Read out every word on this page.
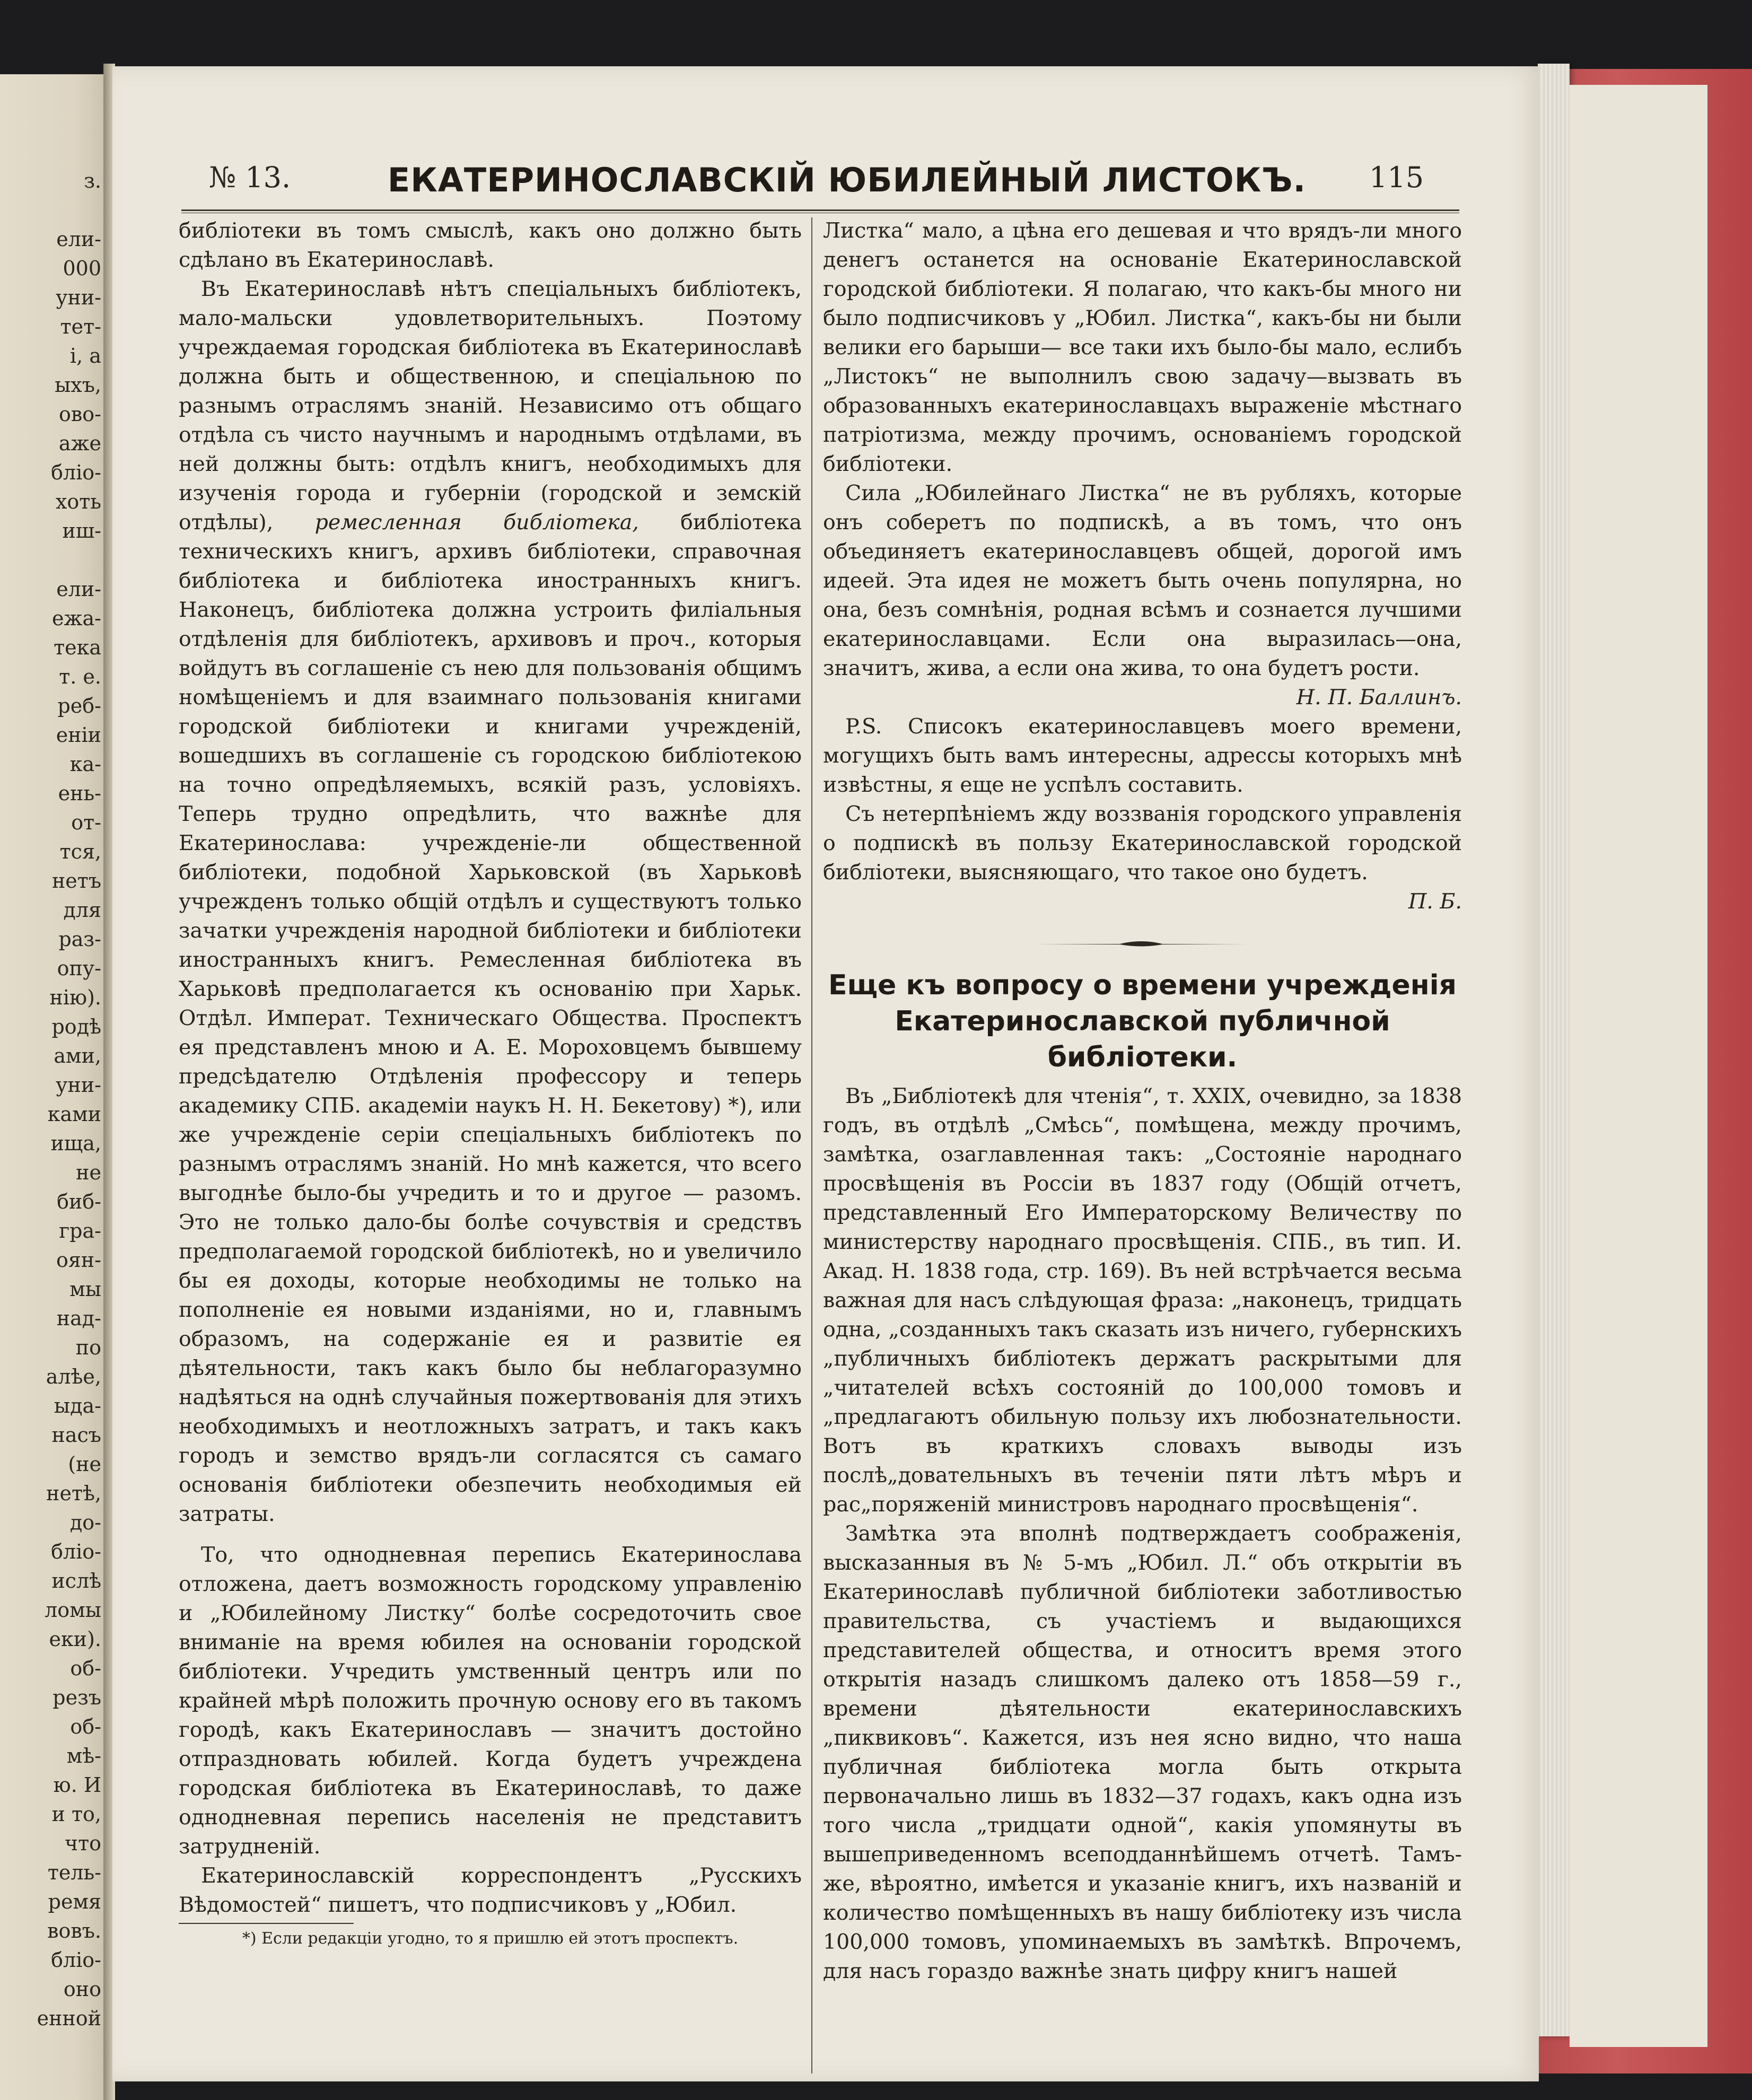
з.
ели-
000
уни-
тет-
і, а
ыхъ,
ово-
аже
бліо-
хоть
иш-
ели-
ежа-
тека
т. е.
реб-
еніи
ка-
ень-
от-
тся,
нетъ
для
раз-
опу-
нію).
родѣ
ами,
уни-
ками
ища,
не
биб-
гра-
оян-
мы
над-
по
алѣе,
ыда-
насъ
(не
нетѣ,
до-
бліо-
ислѣ
ломы
еки).
об-
резъ
об-
мѣ-
ю. И
и то,
что
тель-
ремя
вовъ.
бліо-
оно
енной
№ 13.	ЕКАТЕРИНОСЛАВСКІЙ ЮБИЛЕЙНЫЙ ЛИСТОКЪ.	115

библіотеки въ томъ смыслѣ, какъ оно должно быть сдѣлано въ Екатеринославѣ.

Въ Екатеринославѣ нѣтъ спеціальныхъ библіотекъ, мало-мальски удовлетворительныхъ. Поэтому учреждаемая городская библіотека въ Екатеринославѣ должна быть и общественною, и спеціальною по разнымъ отраслямъ знаній. Независимо отъ общаго отдѣла съ чисто научнымъ и народнымъ отдѣлами, въ ней должны быть: отдѣлъ книгъ, необходимыхъ для изученія города и губерніи (городской и земскій отдѣлы), ремесленная библіотека, библіотека техническихъ книгъ, архивъ библіотеки, справочная библіотека и библіотека иностранныхъ книгъ. Наконецъ, библіотека должна устроить филіальныя отдѣленія для библіотекъ, архивовъ и проч., которыя войдутъ въ соглашеніе съ нею для пользованія общимъ номѣщеніемъ и для взаимнаго пользованія книгами городской библіотеки и книгами учрежденій, вошедшихъ въ соглашеніе съ городскою библіотекою на точно опредѣляемыхъ, всякій разъ, условіяхъ. Теперь трудно опредѣлить, что важнѣе для Екатеринослава: учрежденіе-ли общественной библіотеки, подобной Харьковской (въ Харьковѣ учрежденъ только общій отдѣлъ и существуютъ только зачатки учрежденія народной библіотеки и библіотеки иностранныхъ книгъ. Ремесленная библіотека въ Харьковѣ предполагается къ основанію при Харьк. Отдѣл. Императ. Техническаго Общества. Проспектъ ея представленъ мною и А. Е. Мороховцемъ бывшему предсѣдателю Отдѣленія профессору и теперь академику СПБ. академіи наукъ Н. Н. Бекетову) *), или же учрежденіе серіи спеціальныхъ библіотекъ по разнымъ отраслямъ знаній. Но мнѣ кажется, что всего выгоднѣе было-бы учредить и то и другое — разомъ. Это не только дало-бы болѣе сочувствія и средствъ предполагаемой городской библіотекѣ, но и увеличило бы ея доходы, которые необходимы не только на пополненіе ея новыми изданіями, но и, главнымъ образомъ, на содержаніе ея и развитіе ея дѣятельности, такъ какъ было бы неблагоразумно надѣяться на однѣ случайныя пожертвованія для этихъ необходимыхъ и неотложныхъ затратъ, и такъ какъ городъ и земство врядъ-ли согласятся съ самаго основанія библіотеки обезпечить необходимыя ей затраты.

То, что однодневная перепись Екатеринослава отложена, даетъ возможность городскому управленію и „Юбилейному Листку“ болѣе сосредоточить свое вниманіе на время юбилея на основаніи городской библіотеки. Учредить умственный центръ или по крайней мѣрѣ положить прочную основу его въ такомъ городѣ, какъ Екатеринославъ — значитъ достойно отпраздновать юбилей. Когда будетъ учреждена городская библіотека въ Екатеринославѣ, то даже однодневная перепись населенія не представитъ затрудненій.

Екатеринославскій корреспондентъ „Русскихъ Вѣдомостей“ пишетъ, что подписчиковъ у „Юбил.

*) Если редакціи угодно, то я пришлю ей этотъ проспектъ.

Листка“ мало, а цѣна его дешевая и что врядъ-ли много денегъ останется на основаніе Екатеринославской городской библіотеки. Я полагаю, что какъ-бы много ни было подписчиковъ у „Юбил. Листка“, какъ-бы ни были велики его барыши— все таки ихъ было-бы мало, еслибъ „Листокъ“ не выполнилъ свою задачу—вызвать въ образованныхъ екатеринославцахъ выраженіе мѣстнаго патріотизма, между прочимъ, основаніемъ городской библіотеки.

Сила „Юбилейнаго Листка“ не въ рубляхъ, которые онъ соберетъ по подпискѣ, а въ томъ, что онъ объединяетъ екатеринославцевъ общей, дорогой имъ идеей. Эта идея не можетъ быть очень популярна, но она, безъ сомнѣнія, родная всѣмъ и сознается лучшими екатеринославцами. Если она выразилась—она, значитъ, жива, а если она жива, то она будетъ рости.

Н. П. Баллинъ.

P.S. Списокъ екатеринославцевъ моего времени, могущихъ быть вамъ интересны, адрессы которыхъ мнѣ извѣстны, я еще не успѣлъ составить.

Съ нетерпѣніемъ жду воззванія городского управленія о подпискѣ въ пользу Екатеринославской городской библіотеки, выясняющаго, что такое оно будетъ.

П. Б.

Еще къ вопросу о времени учрежденія Екатеринославской публичной библіотеки.

Въ „Библіотекѣ для чтенія“, т. XXIX, очевидно, за 1838 годъ, въ отдѣлѣ „Смѣсь“, помѣщена, между прочимъ, замѣтка, озаглавленная такъ: „Состояніе народнаго просвѣщенія въ Россіи въ 1837 году (Общій отчетъ, представленный Его Императорскому Величеству по министерству народнаго просвѣщенія. СПБ., въ тип. И. Акад. Н. 1838 года, стр. 169). Въ ней встрѣчается весьма важная для насъ слѣдующая фраза: „наконецъ, тридцать одна, „созданныхъ такъ сказать изъ ничего, губернскихъ „публичныхъ библіотекъ держатъ раскрытыми для „читателей всѣхъ состояній до 100,000 томовъ и „предлагаютъ обильную пользу ихъ любознательности. Вотъ въ краткихъ словахъ выводы изъ послѣ„довательныхъ въ теченіи пяти лѣтъ мѣръ и рас„поряженій министровъ народнаго просвѣщенія“.

Замѣтка эта вполнѣ подтверждаетъ соображенія, высказанныя въ № 5-мъ „Юбил. Л.“ объ открытіи въ Екатеринославѣ публичной библіотеки заботливостью правительства, съ участіемъ и выдающихся представителей общества, и относитъ время этого открытія назадъ слишкомъ далеко отъ 1858—59 г., времени дѣятельности екатеринославскихъ „пиквиковъ“. Кажется, изъ нея ясно видно, что наша публичная библіотека могла быть открыта первоначально лишь въ 1832—37 годахъ, какъ одна изъ того числа „тридцати одной“, какія упомянуты въ вышеприведенномъ всеподданнѣйшемъ отчетѣ. Тамъ-же, вѣроятно, имѣется и указаніе книгъ, ихъ названій и количество помѣщенныхъ въ нашу библіотеку изъ числа 100,000 томовъ, упоминаемыхъ въ замѣткѣ. Впрочемъ, для насъ гораздо важнѣе знать цифру книгъ нашей
